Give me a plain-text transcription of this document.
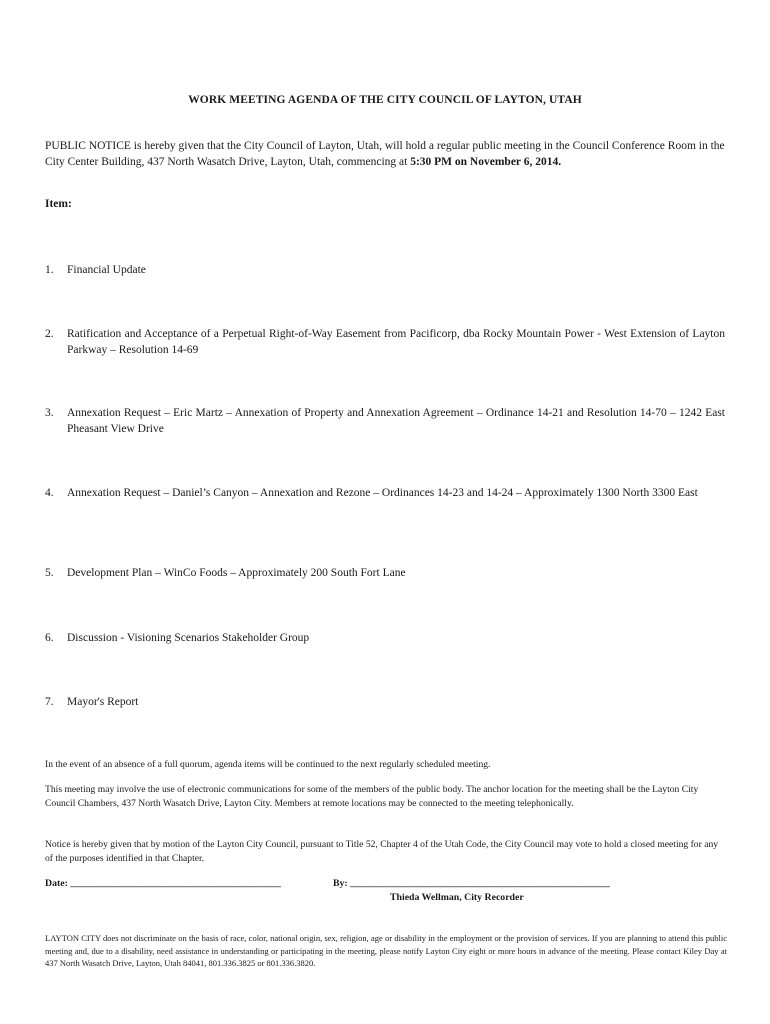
WORK MEETING AGENDA OF THE CITY COUNCIL OF LAYTON, UTAH
PUBLIC NOTICE is hereby given that the City Council of Layton, Utah, will hold a regular public meeting in the Council Conference Room in the City Center Building, 437 North Wasatch Drive, Layton, Utah, commencing at 5:30 PM on November 6, 2014.
Item:
1.	Financial Update
2.	Ratification and Acceptance of a Perpetual Right-of-Way Easement from Pacificorp, dba Rocky Mountain Power - West Extension of Layton Parkway – Resolution 14-69
3.	Annexation Request – Eric Martz – Annexation of Property and Annexation Agreement – Ordinance 14-21 and Resolution 14-70 – 1242 East Pheasant View Drive
4.	Annexation Request – Daniel’s Canyon – Annexation and Rezone – Ordinances 14-23 and 14-24 – Approximately 1300 North 3300 East
5.	Development Plan – WinCo Foods – Approximately 200 South Fort Lane
6.	Discussion - Visioning Scenarios Stakeholder Group
7.	Mayor's Report
In the event of an absence of a full quorum, agenda items will be continued to the next regularly scheduled meeting.
This meeting may involve the use of electronic communications for some of the members of the public body. The anchor location for the meeting shall be the Layton City Council Chambers, 437 North Wasatch Drive, Layton City. Members at remote locations may be connected to the meeting telephonically.
Notice is hereby given that by motion of the Layton City Council, pursuant to Title 52, Chapter 4 of the Utah Code, the City Council may vote to hold a closed meeting for any of the purposes identified in that Chapter.
Date: ___________________________________________	By: _____________________________________________________
Thieda Wellman, City Recorder
LAYTON CITY does not discriminate on the basis of race, color, national origin, sex, religion, age or disability in the employment or the provision of services. If you are planning to attend this public meeting and, due to a disability, need assistance in understanding or participating in the meeting, please notify Layton City eight or more hours in advance of the meeting. Please contact Kiley Day at 437 North Wasatch Drive, Layton, Utah 84041, 801.336.3825 or 801.336.3820.
